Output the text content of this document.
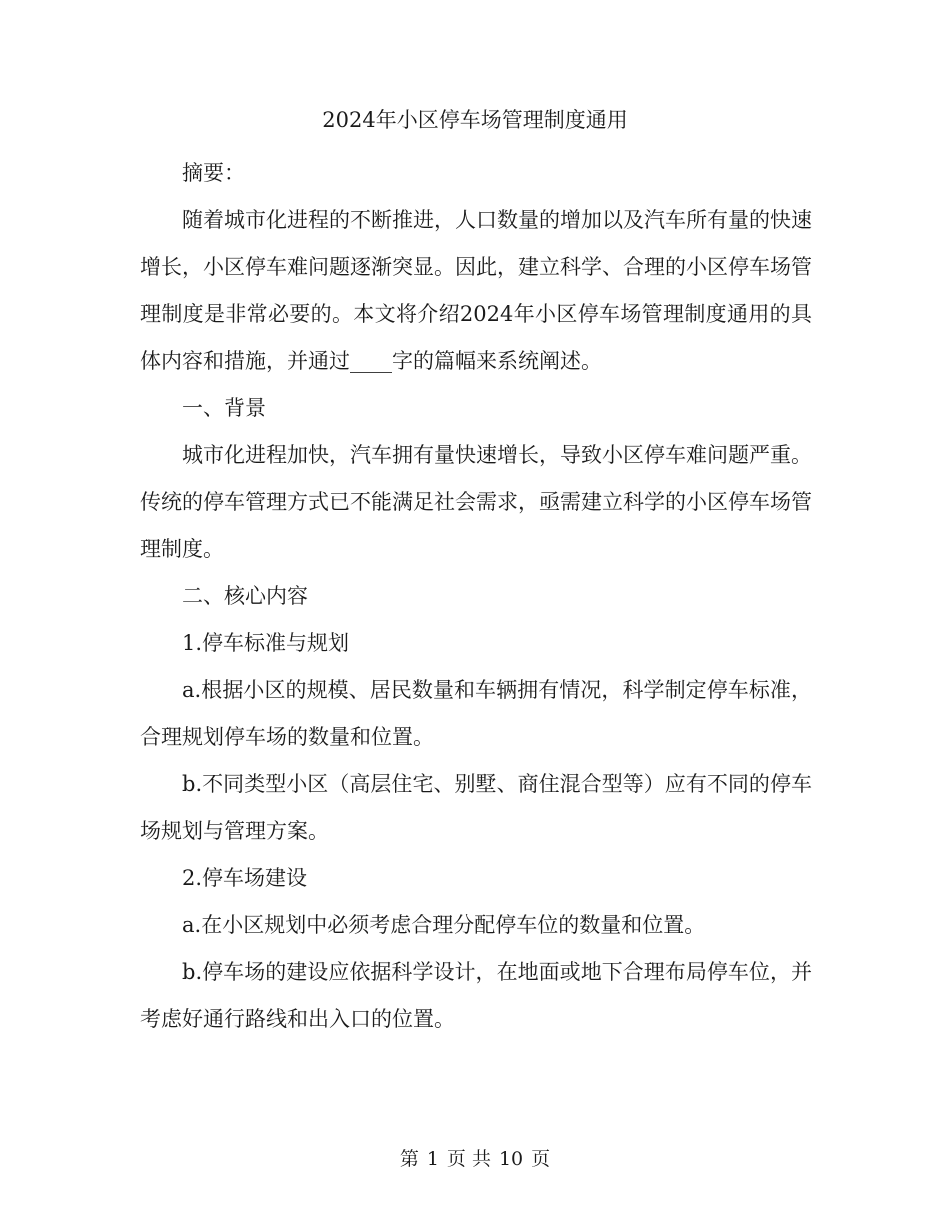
2024年小区停车场管理制度通用

摘要：

随着城市化进程的不断推进，人口数量的增加以及汽车所有量的快速增长，小区停车难问题逐渐突显。因此，建立科学、合理的小区停车场管理制度是非常必要的。本文将介绍2024年小区停车场管理制度通用的具体内容和措施，并通过____字的篇幅来系统阐述。

一、背景

城市化进程加快，汽车拥有量快速增长，导致小区停车难问题严重。传统的停车管理方式已不能满足社会需求，亟需建立科学的小区停车场管理制度。

二、核心内容

1.停车标准与规划

a.根据小区的规模、居民数量和车辆拥有情况，科学制定停车标准，合理规划停车场的数量和位置。

b.不同类型小区（高层住宅、别墅、商住混合型等）应有不同的停车场规划与管理方案。

2.停车场建设

a.在小区规划中必须考虑合理分配停车位的数量和位置。

b.停车场的建设应依据科学设计，在地面或地下合理布局停车位，并考虑好通行路线和出入口的位置。

第 1 页 共 10 页
